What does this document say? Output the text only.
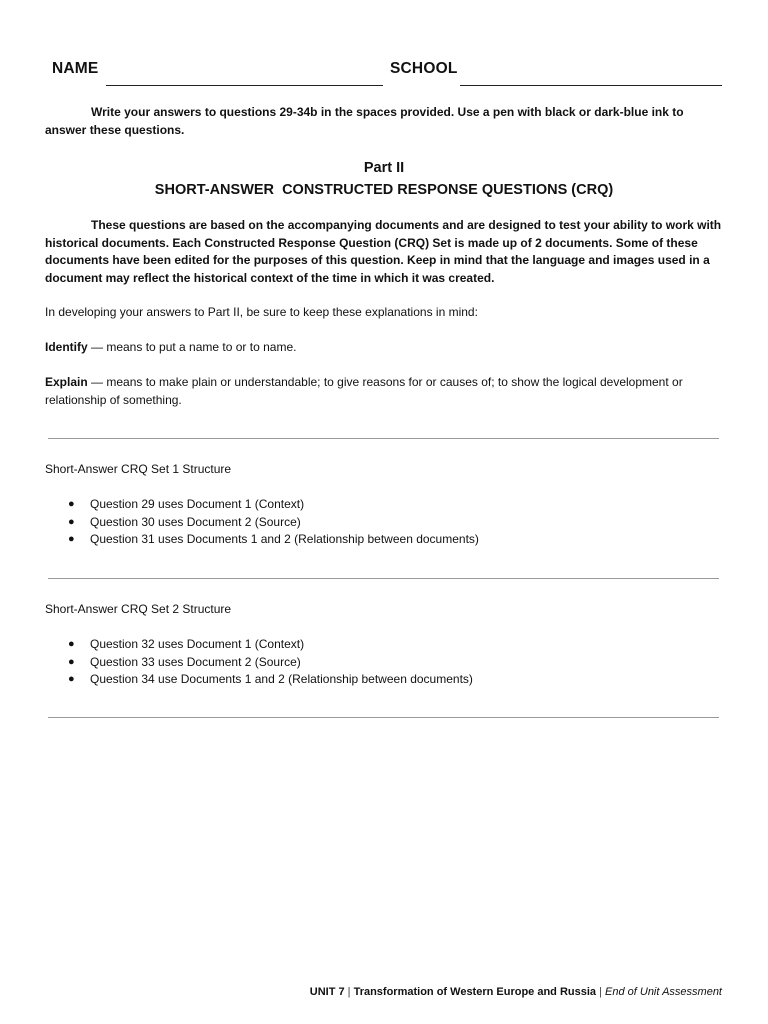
NAME	SCHOOL
Write your answers to questions 29-34b in the spaces provided. Use a pen with black or dark-blue ink to answer these questions.
Part II
SHORT-ANSWER  CONSTRUCTED RESPONSE QUESTIONS (CRQ)
These questions are based on the accompanying documents and are designed to test your ability to work with historical documents. Each Constructed Response Question (CRQ) Set is made up of 2 documents. Some of these documents have been edited for the purposes of this question. Keep in mind that the language and images used in a document may reflect the historical context of the time in which it was created.
In developing your answers to Part II, be sure to keep these explanations in mind:
Identify — means to put a name to or to name.
Explain — means to make plain or understandable; to give reasons for or causes of; to show the logical development or relationship of something.
Short-Answer CRQ Set 1 Structure
● Question 29 uses Document 1 (Context)
● Question 30 uses Document 2 (Source)
● Question 31 uses Documents 1 and 2 (Relationship between documents)
Short-Answer CRQ Set 2 Structure
● Question 32 uses Document 1 (Context)
● Question 33 uses Document 2 (Source)
● Question 34 use Documents 1 and 2 (Relationship between documents)
UNIT 7 | Transformation of Western Europe and Russia | End of Unit Assessment
